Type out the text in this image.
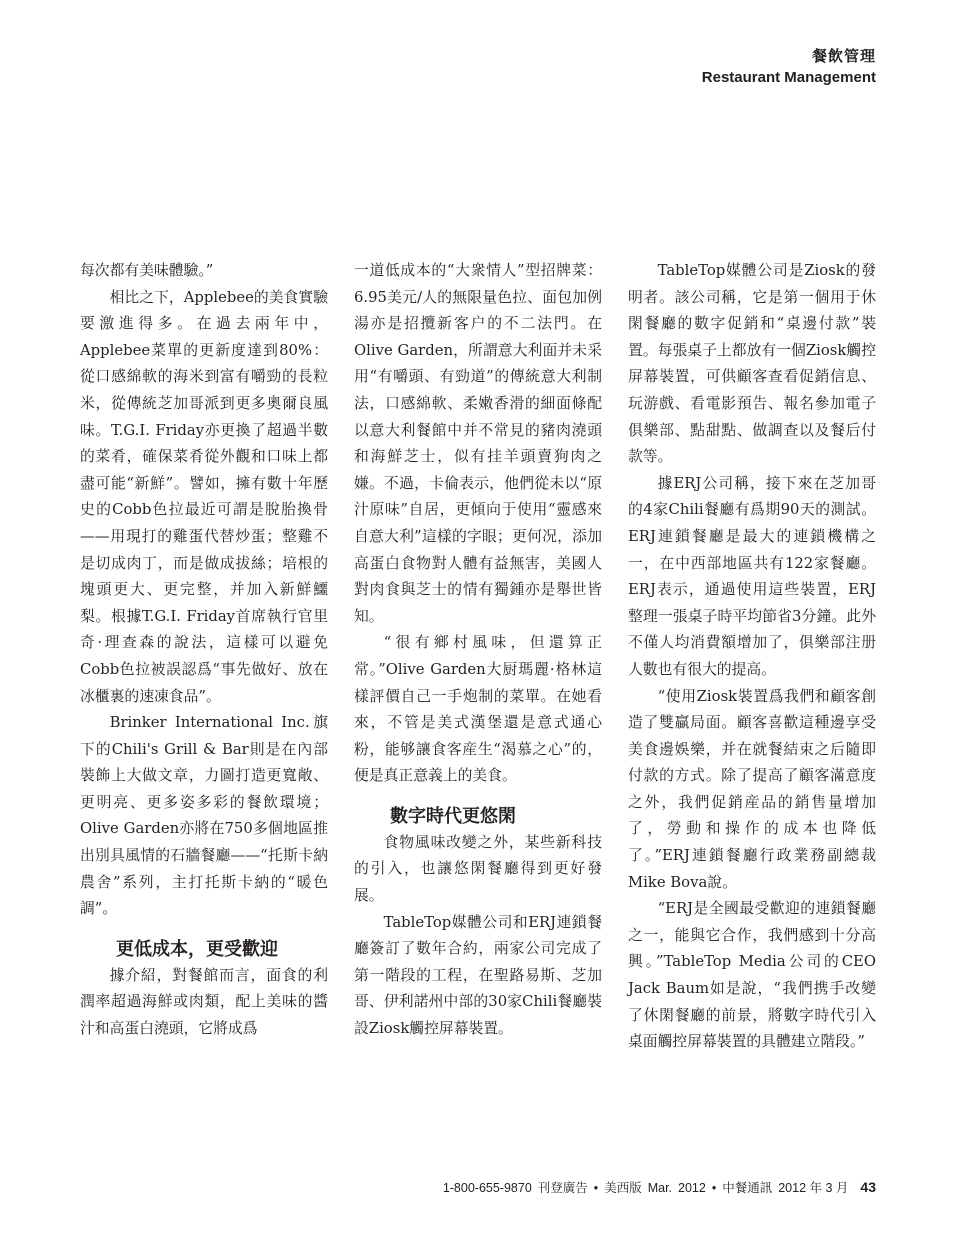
餐飲管理
Restaurant Management

每次都有美味體驗。”

相比之下，Applebee的美食實驗要激進得多。在過去兩年中，Applebee菜單的更新度達到80%：從口感綿軟的海米到富有嚼勁的長粒米，從傳統芝加哥派到更多奧爾良風味。T.G.I. Friday亦更換了超過半數的菜肴，確保菜肴從外觀和口味上都盡可能“新鮮”。譬如，擁有數十年歷史的Cobb色拉最近可謂是脫胎換骨——用現打的雞蛋代替炒蛋；整雞不是切成肉丁，而是做成拔絲；培根的塊頭更大、更完整，并加入新鮮鱷梨。根據T.G.I. Friday首席執行官里奇·理查森的說法，這樣可以避免Cobb色拉被誤認爲“事先做好、放在冰櫃裏的速凍食品”。

Brinker International Inc.旗下的Chili's Grill & Bar則是在內部裝飾上大做文章，力圖打造更寬敞、更明亮、更多姿多彩的餐飲環境；Olive Garden亦將在750多個地區推出別具風情的石牆餐廳——“托斯卡納農舍”系列，主打托斯卡納的“暖色調”。

更低成本，更受歡迎

據介紹，對餐館而言，面食的利潤率超過海鮮或肉類，配上美味的醬汁和高蛋白澆頭，它將成爲

一道低成本的“大衆情人”型招牌菜：6.95美元/人的無限量色拉、面包加例湯亦是招攬新客户的不二法門。在Olive Garden，所謂意大利面并未采用“有嚼頭、有勁道”的傳統意大利制法，口感綿軟、柔嫩香滑的細面條配以意大利餐館中并不常見的豬肉澆頭和海鮮芝士，似有挂羊頭賣狗肉之嫌。不過，卡倫表示，他們從未以“原汁原味”自居，更傾向于使用“靈感來自意大利”這樣的字眼；更何况，添加高蛋白食物對人體有益無害，美國人對肉食與芝士的情有獨鍾亦是舉世皆知。

“很有鄉村風味，但還算正常。”Olive Garden大厨瑪麗·格林這樣評價自己一手炮制的菜單。在她看來，不管是美式漢堡還是意式通心粉，能够讓食客産生“渴慕之心”的，便是真正意義上的美食。

數字時代更悠閑

食物風味改變之外，某些新科技的引入，也讓悠閑餐廳得到更好發展。

TableTop媒體公司和ERJ連鎖餐廳簽訂了數年合約，兩家公司完成了第一階段的工程，在聖路易斯、芝加哥、伊利諾州中部的30家Chili餐廳裝設Ziosk觸控屏幕裝置。

TableTop媒體公司是Ziosk的發明者。該公司稱，它是第一個用于休閑餐廳的數字促銷和“桌邊付款”裝置。每張桌子上都放有一個Ziosk觸控屏幕裝置，可供顧客查看促銷信息、玩游戲、看電影預告、報名參加電子俱樂部、點甜點、做調查以及餐后付款等。

據ERJ公司稱，接下來在芝加哥的4家Chili餐廳有爲期90天的測試。ERJ連鎖餐廳是最大的連鎖機構之一，在中西部地區共有122家餐廳。ERJ表示，通過使用這些裝置，ERJ整理一張桌子時平均節省3分鐘。此外不僅人均消費額增加了，俱樂部注册人數也有很大的提高。

“使用Ziosk裝置爲我們和顧客創造了雙贏局面。顧客喜歡這種邊享受美食邊娛樂，并在就餐結束之后隨即付款的方式。除了提高了顧客滿意度之外，我們促銷産品的銷售量增加了，勞動和操作的成本也降低了。”ERJ連鎖餐廳行政業務副總裁Mike Bova說。

“ERJ是全國最受歡迎的連鎖餐廳之一，能與它合作，我們感到十分高興。”TableTop Media公司的CEO Jack Baum如是說，“我們携手改變了休閑餐廳的前景，將數字時代引入桌面觸控屏幕裝置的具體建立階段。”

1-800-655-9870 刊登廣告 • 美西版 Mar. 2012 • 中餐通訊 2012 年 3 月 43
